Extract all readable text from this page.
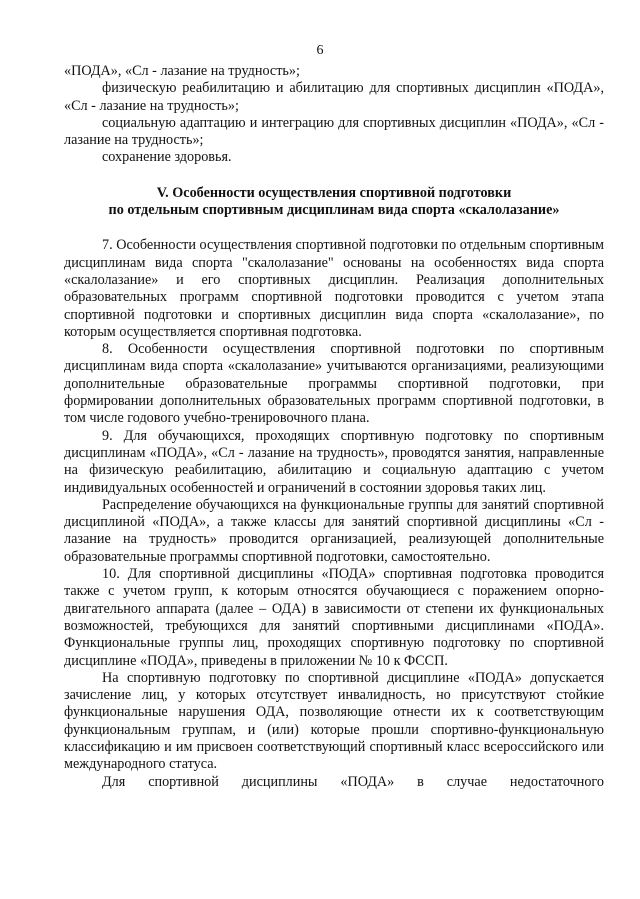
6

«ПОДА», «Сл - лазание на трудность»;

физическую реабилитацию и абилитацию для спортивных дисциплин «ПОДА», «Сл - лазание на трудность»;

социальную адаптацию и интеграцию для спортивных дисциплин «ПОДА», «Сл - лазание на трудность»;

сохранение здоровья.

V. Особенности осуществления спортивной подготовки

по отдельным спортивным дисциплинам вида спорта «скалолазание»

7. Особенности осуществления спортивной подготовки по отдельным спортивным дисциплинам вида спорта "скалолазание" основаны на особенностях вида спорта «скалолазание» и его спортивных дисциплин. Реализация дополнительных образовательных программ спортивной подготовки проводится с учетом этапа спортивной подготовки и спортивных дисциплин вида спорта «скалолазание», по которым осуществляется спортивная подготовка.

8. Особенности осуществления спортивной подготовки по спортивным дисциплинам вида спорта «скалолазание» учитываются организациями, реализующими дополнительные образовательные программы спортивной подготовки, при формировании дополнительных образовательных программ спортивной подготовки, в том числе годового учебно-тренировочного плана.

9. Для обучающихся, проходящих спортивную подготовку по спортивным дисциплинам «ПОДА», «Сл - лазание на трудность», проводятся занятия, направленные на физическую реабилитацию, абилитацию и социальную адаптацию с учетом индивидуальных особенностей и ограничений в состоянии здоровья таких лиц.

Распределение обучающихся на функциональные группы для занятий спортивной дисциплиной «ПОДА», а также классы для занятий спортивной дисциплины «Сл - лазание на трудность» проводится организацией, реализующей дополнительные образовательные программы спортивной подготовки, самостоятельно.

10. Для спортивной дисциплины «ПОДА» спортивная подготовка проводится также с учетом групп, к которым относятся обучающиеся с поражением опорно-двигательного аппарата (далее – ОДА) в зависимости от степени их функциональных возможностей, требующихся для занятий спортивными дисциплинами «ПОДА». Функциональные группы лиц, проходящих спортивную подготовку по спортивной дисциплине «ПОДА», приведены в приложении № 10 к ФССП.

На спортивную подготовку по спортивной дисциплине «ПОДА» допускается зачисление лиц, у которых отсутствует инвалидность, но присутствуют стойкие функциональные нарушения ОДА, позволяющие отнести их к соответствующим функциональным группам, и (или) которые прошли спортивно-функциональную классификацию и им присвоен соответствующий спортивный класс всероссийского или международного статуса.

Для спортивной дисциплины «ПОДА» в случае недостаточного
